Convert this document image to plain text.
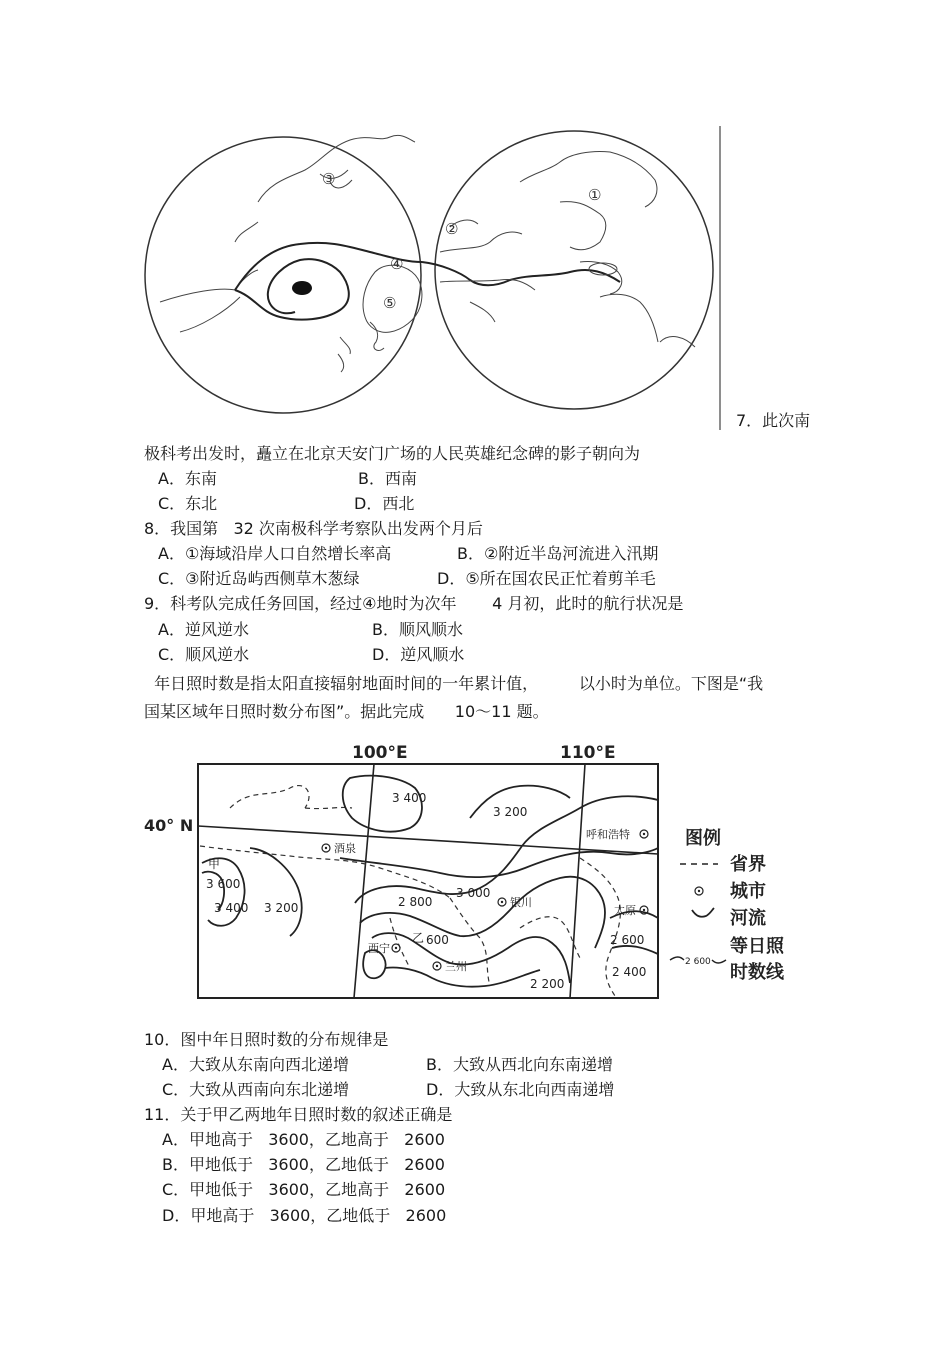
①
②
③
④
⑤
7．此次南
极科考出发时，矗立在北京天安门广场的人民英雄纪念碑的影子朝向为
A．东南	B．西南
C．东北	D．西北
8．我国第   32 次南极科学考察队出发两个月后
A．①海域沿岸人口自然增长率高	B．②附近半岛河流进入汛期
C．③附近岛屿西侧草木葱绿	D．⑤所在国农民正忙着剪羊毛
9．科考队完成任务回国，经过④地时为次年       4 月初，此时的航行状况是
A．逆风逆水	B．顺风顺水
C．顺风逆水	D．逆风顺水
年日照时数是指太阳直接辐射地面时间的一年累计值，        以小时为单位。下图是“我
国某区域年日照时数分布图”。据此完成      10～11 题。
100°E	110°E
40° N
酒泉
银川
西宁
兰州
呼和浩特
太原
甲
乙
3 400
3 200
3 600
3 400 3 200
3 000
2 800
600	2 600
2 400
2 200
图例
省界
城市
河流
2 600
等日照
时数线
10．图中年日照时数的分布规律是
A．大致从东南向西北递增	B．大致从西北向东南递增
C．大致从西南向东北递增	D．大致从东北向西南递增
11．关于甲乙两地年日照时数的叙述正确是
A．甲地高于   3600，乙地高于   2600
B．甲地低于   3600，乙地低于   2600
C．甲地低于   3600，乙地高于   2600
D．甲地高于   3600，乙地低于   2600
